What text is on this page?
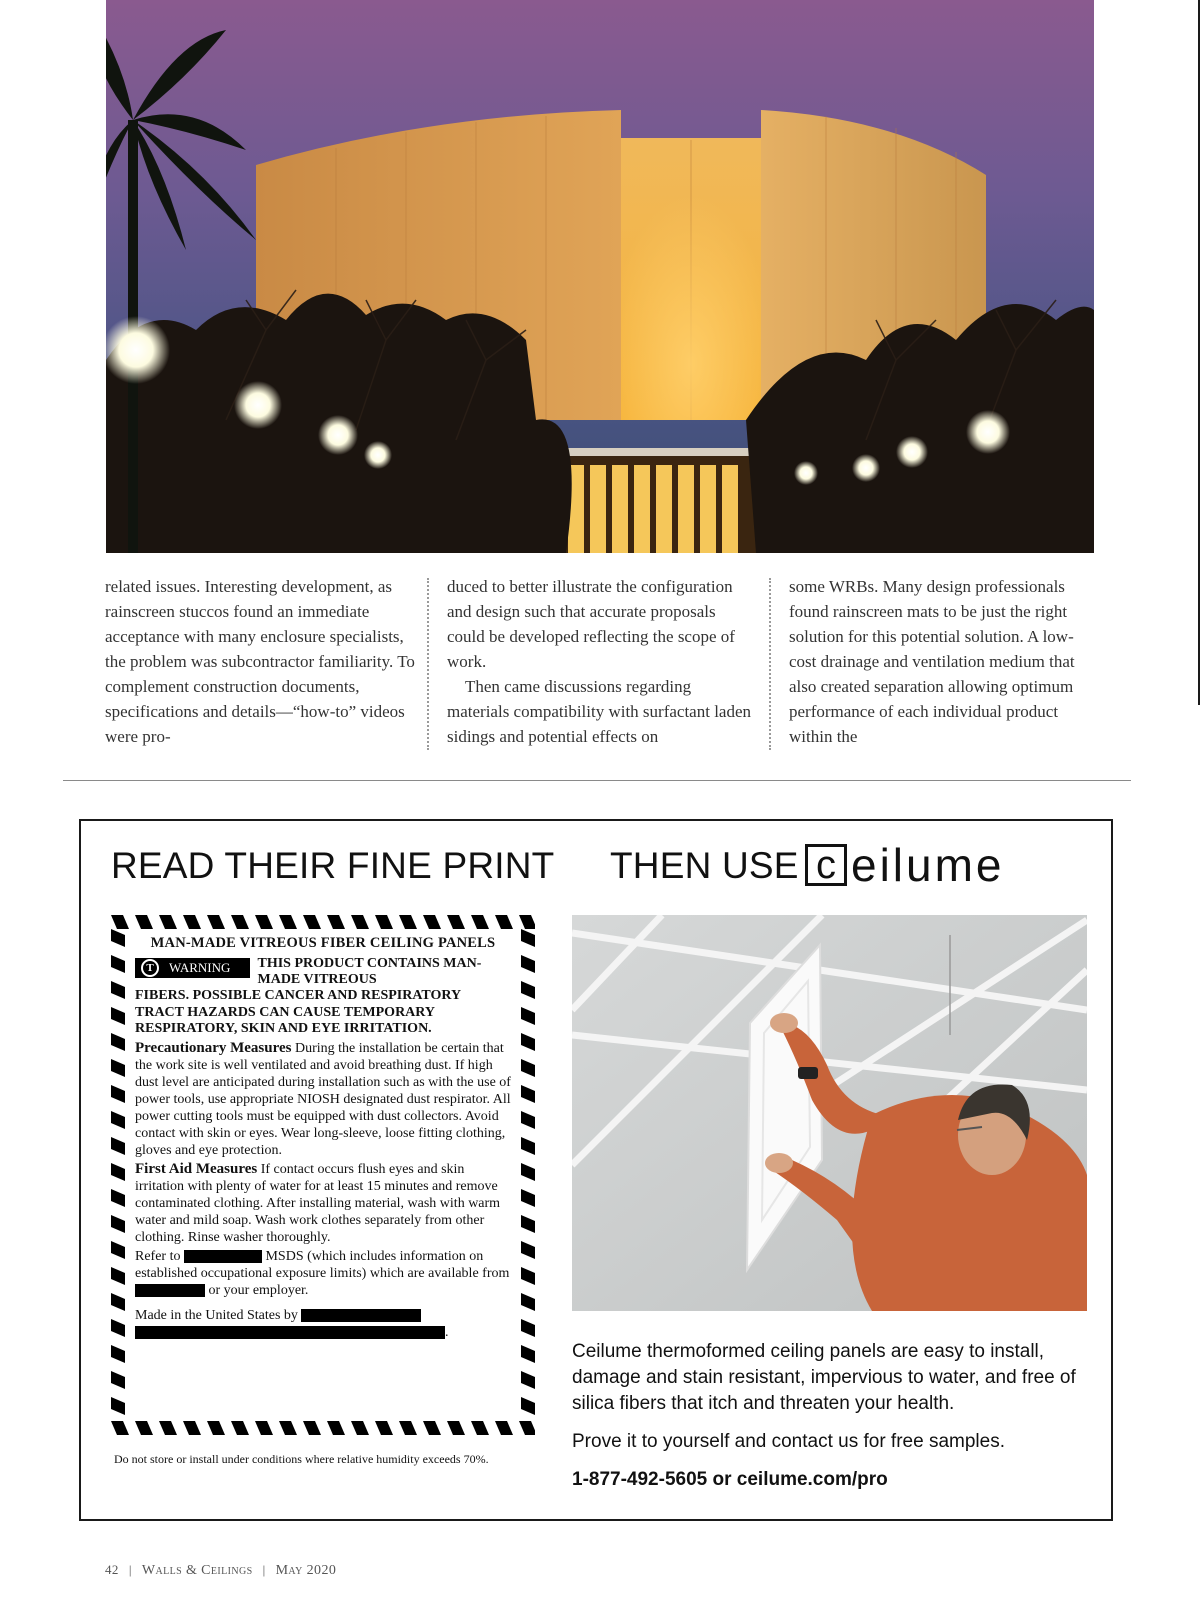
related issues. Interesting development, as rainscreen stuccos found an immediate acceptance with many enclosure specialists, the problem was subcontractor familiarity. To complement construction documents, specifications and details—“how-to” videos were pro-

duced to better illustrate the configuration and design such that accurate proposals could be developed reflecting the scope of work.

Then came discussions regarding materials compatibility with surfactant laden sidings and potential effects on

some WRBs. Many design professionals found rainscreen mats to be just the right solution for this potential solution. A low-cost drainage and ventilation medium that also created separation allowing optimum performance of each individual product within the

READ THEIR FINE PRINT THEN USE c eilume
MAN-MADE VITREOUS FIBER CEILING PANELS
T	WARNING THIS PRODUCT CONTAINS MAN-MADE VITREOUS

FIBERS. POSSIBLE CANCER AND RESPIRATORY TRACT HAZARDS CAN CAUSE TEMPORARY RESPIRATORY, SKIN AND EYE IRRITATION.

Precautionary Measures During the installation be certain that the work site is well ventilated and avoid breathing dust. If high dust level are anticipated during installation such as with the use of power tools, use appropriate NIOSH designated dust respirator. All power cutting tools must be equipped with dust collectors. Avoid contact with skin or eyes. Wear long-sleeve, loose fitting clothing, gloves and eye protection.

First Aid Measures If contact occurs flush eyes and skin irritation with plenty of water for at least 15 minutes and remove contaminated clothing. After installing material, wash with warm water and mild soap. Wash work clothes separately from other clothing. Rinse washer thoroughly.

Refer to	MSDS (which includes information on established occupational exposure limits) which are available from  or your employer.

Made in the United States by
.

Do not store or install under conditions where relative humidity exceeds 70%.

Ceilume thermoformed ceiling panels are easy to install, damage and stain resistant, impervious to water, and free of silica fibers that itch and threaten your health.

Prove it to yourself and contact us for free samples.

1-877-492-5605 or ceilume.com/pro

42 | Walls & Ceilings | May 2020
